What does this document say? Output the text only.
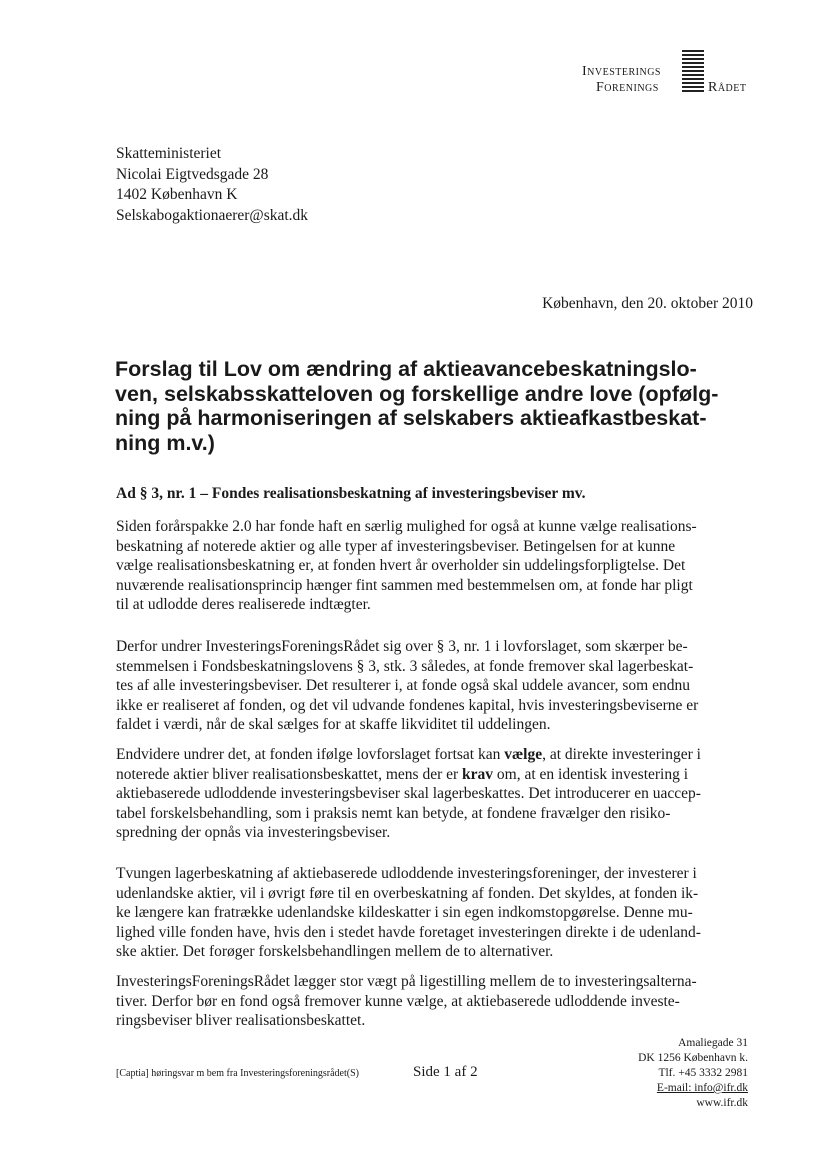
Investerings
Forenings	Rådet
Skatteministeriet
Nicolai Eigtvedsgade 28
1402 København K
Selskabogaktionaerer@skat.dk
København, den 20. oktober 2010
Forslag til Lov om ændring af aktieavancebeskatningslo-
ven, selskabsskatteloven og forskellige andre love (opfølg-
ning på harmoniseringen af selskabers aktieafkastbeskat-
ning m.v.)
Ad § 3, nr. 1 – Fondes realisationsbeskatning af investeringsbeviser mv.
Siden forårspakke 2.0 har fonde haft en særlig mulighed for også at kunne vælge realisations-
beskatning af noterede aktier og alle typer af investeringsbeviser. Betingelsen for at kunne
vælge realisationsbeskatning er, at fonden hvert år overholder sin uddelingsforpligtelse. Det
nuværende realisationsprincip hænger fint sammen med bestemmelsen om, at fonde har pligt
til at udlodde deres realiserede indtægter.
Derfor undrer InvesteringsForeningsRådet sig over § 3, nr. 1 i lovforslaget, som skærper be-
stemmelsen i Fondsbeskatningslovens § 3, stk. 3 således, at fonde fremover skal lagerbeskat-
tes af alle investeringsbeviser. Det resulterer i, at fonde også skal uddele avancer, som endnu
ikke er realiseret af fonden, og det vil udvande fondenes kapital, hvis investeringsbeviserne er
faldet i værdi, når de skal sælges for at skaffe likviditet til uddelingen.
Endvidere undrer det, at fonden ifølge lovforslaget fortsat kan vælge, at direkte investeringer i
noterede aktier bliver realisationsbeskattet, mens der er krav om, at en identisk investering i
aktiebaserede udloddende investeringsbeviser skal lagerbeskattes. Det introducerer en uaccep-
tabel forskelsbehandling, som i praksis nemt kan betyde, at fondene fravælger den risiko-
spredning der opnås via investeringsbeviser.
Tvungen lagerbeskatning af aktiebaserede udloddende investeringsforeninger, der investerer i
udenlandske aktier, vil i øvrigt føre til en overbeskatning af fonden. Det skyldes, at fonden ik-
ke længere kan fratrække udenlandske kildeskatter i sin egen indkomstopgørelse. Denne mu-
lighed ville fonden have, hvis den i stedet havde foretaget investeringen direkte i de udenland-
ske aktier. Det forøger forskelsbehandlingen mellem de to alternativer.
InvesteringsForeningsRådet lægger stor vægt på ligestilling mellem de to investeringsalterna-
tiver. Derfor bør en fond også fremover kunne vælge, at aktiebaserede udloddende investe-
ringsbeviser bliver realisationsbeskattet.
[Captia] høringsvar m bem fra Investeringsforeningsrådet(S)	Side 1 af 2
Amaliegade 31
DK 1256 København k.
Tlf. +45 3332 2981
E-mail: info@ifr.dk
www.ifr.dk
